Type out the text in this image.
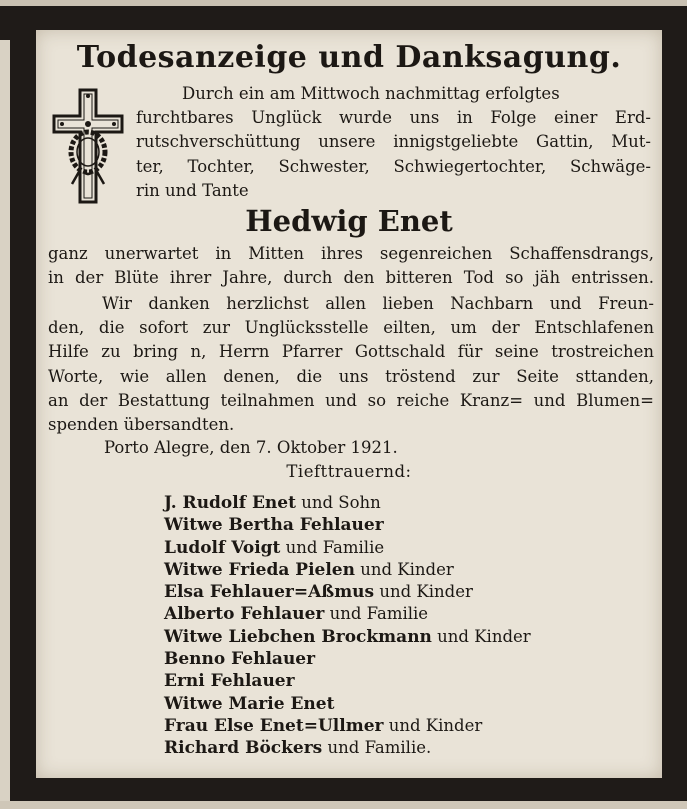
Todesanzeige und Danksagung.
Durch ein am Mittwoch nachmittag erfolgtes
furchtbares Unglück wurde uns in Folge einer Erd-
rutschverschüttung unsere innigstgeliebte Gattin, Mut-
ter, Tochter, Schwester, Schwiegertochter, Schwäge-
rin und Tante
Hedwig Enet
ganz unerwartet in Mitten ihres segenreichen Schaffensdrangs,
in der Blüte ihrer Jahre, durch den bitteren Tod so jäh entrissen.
Wir danken herzlichst allen lieben Nachbarn und Freun-
den, die sofort zur Unglücksstelle eilten, um der Entschlafenen
Hilfe zu bring n, Herrn Pfarrer Gottschald für seine trostreichen
Worte, wie allen denen, die uns tröstend zur Seite sttanden,
an der Bestattung teilnahmen und so reiche Kranz= und Blumen=
spenden übersandten.
Porto Alegre, den 7. Oktober 1921.
Tiefttrauernd:
J. Rudolf Enet und Sohn
Witwe Bertha Fehlauer
Ludolf Voigt und Familie
Witwe Frieda Pielen und Kinder
Elsa Fehlauer=Aßmus und Kinder
Alberto Fehlauer und Familie
Witwe Liebchen Brockmann und Kinder
Benno Fehlauer
Erni Fehlauer
Witwe Marie Enet
Frau Else Enet=Ullmer und Kinder
Richard Böckers und Familie.
